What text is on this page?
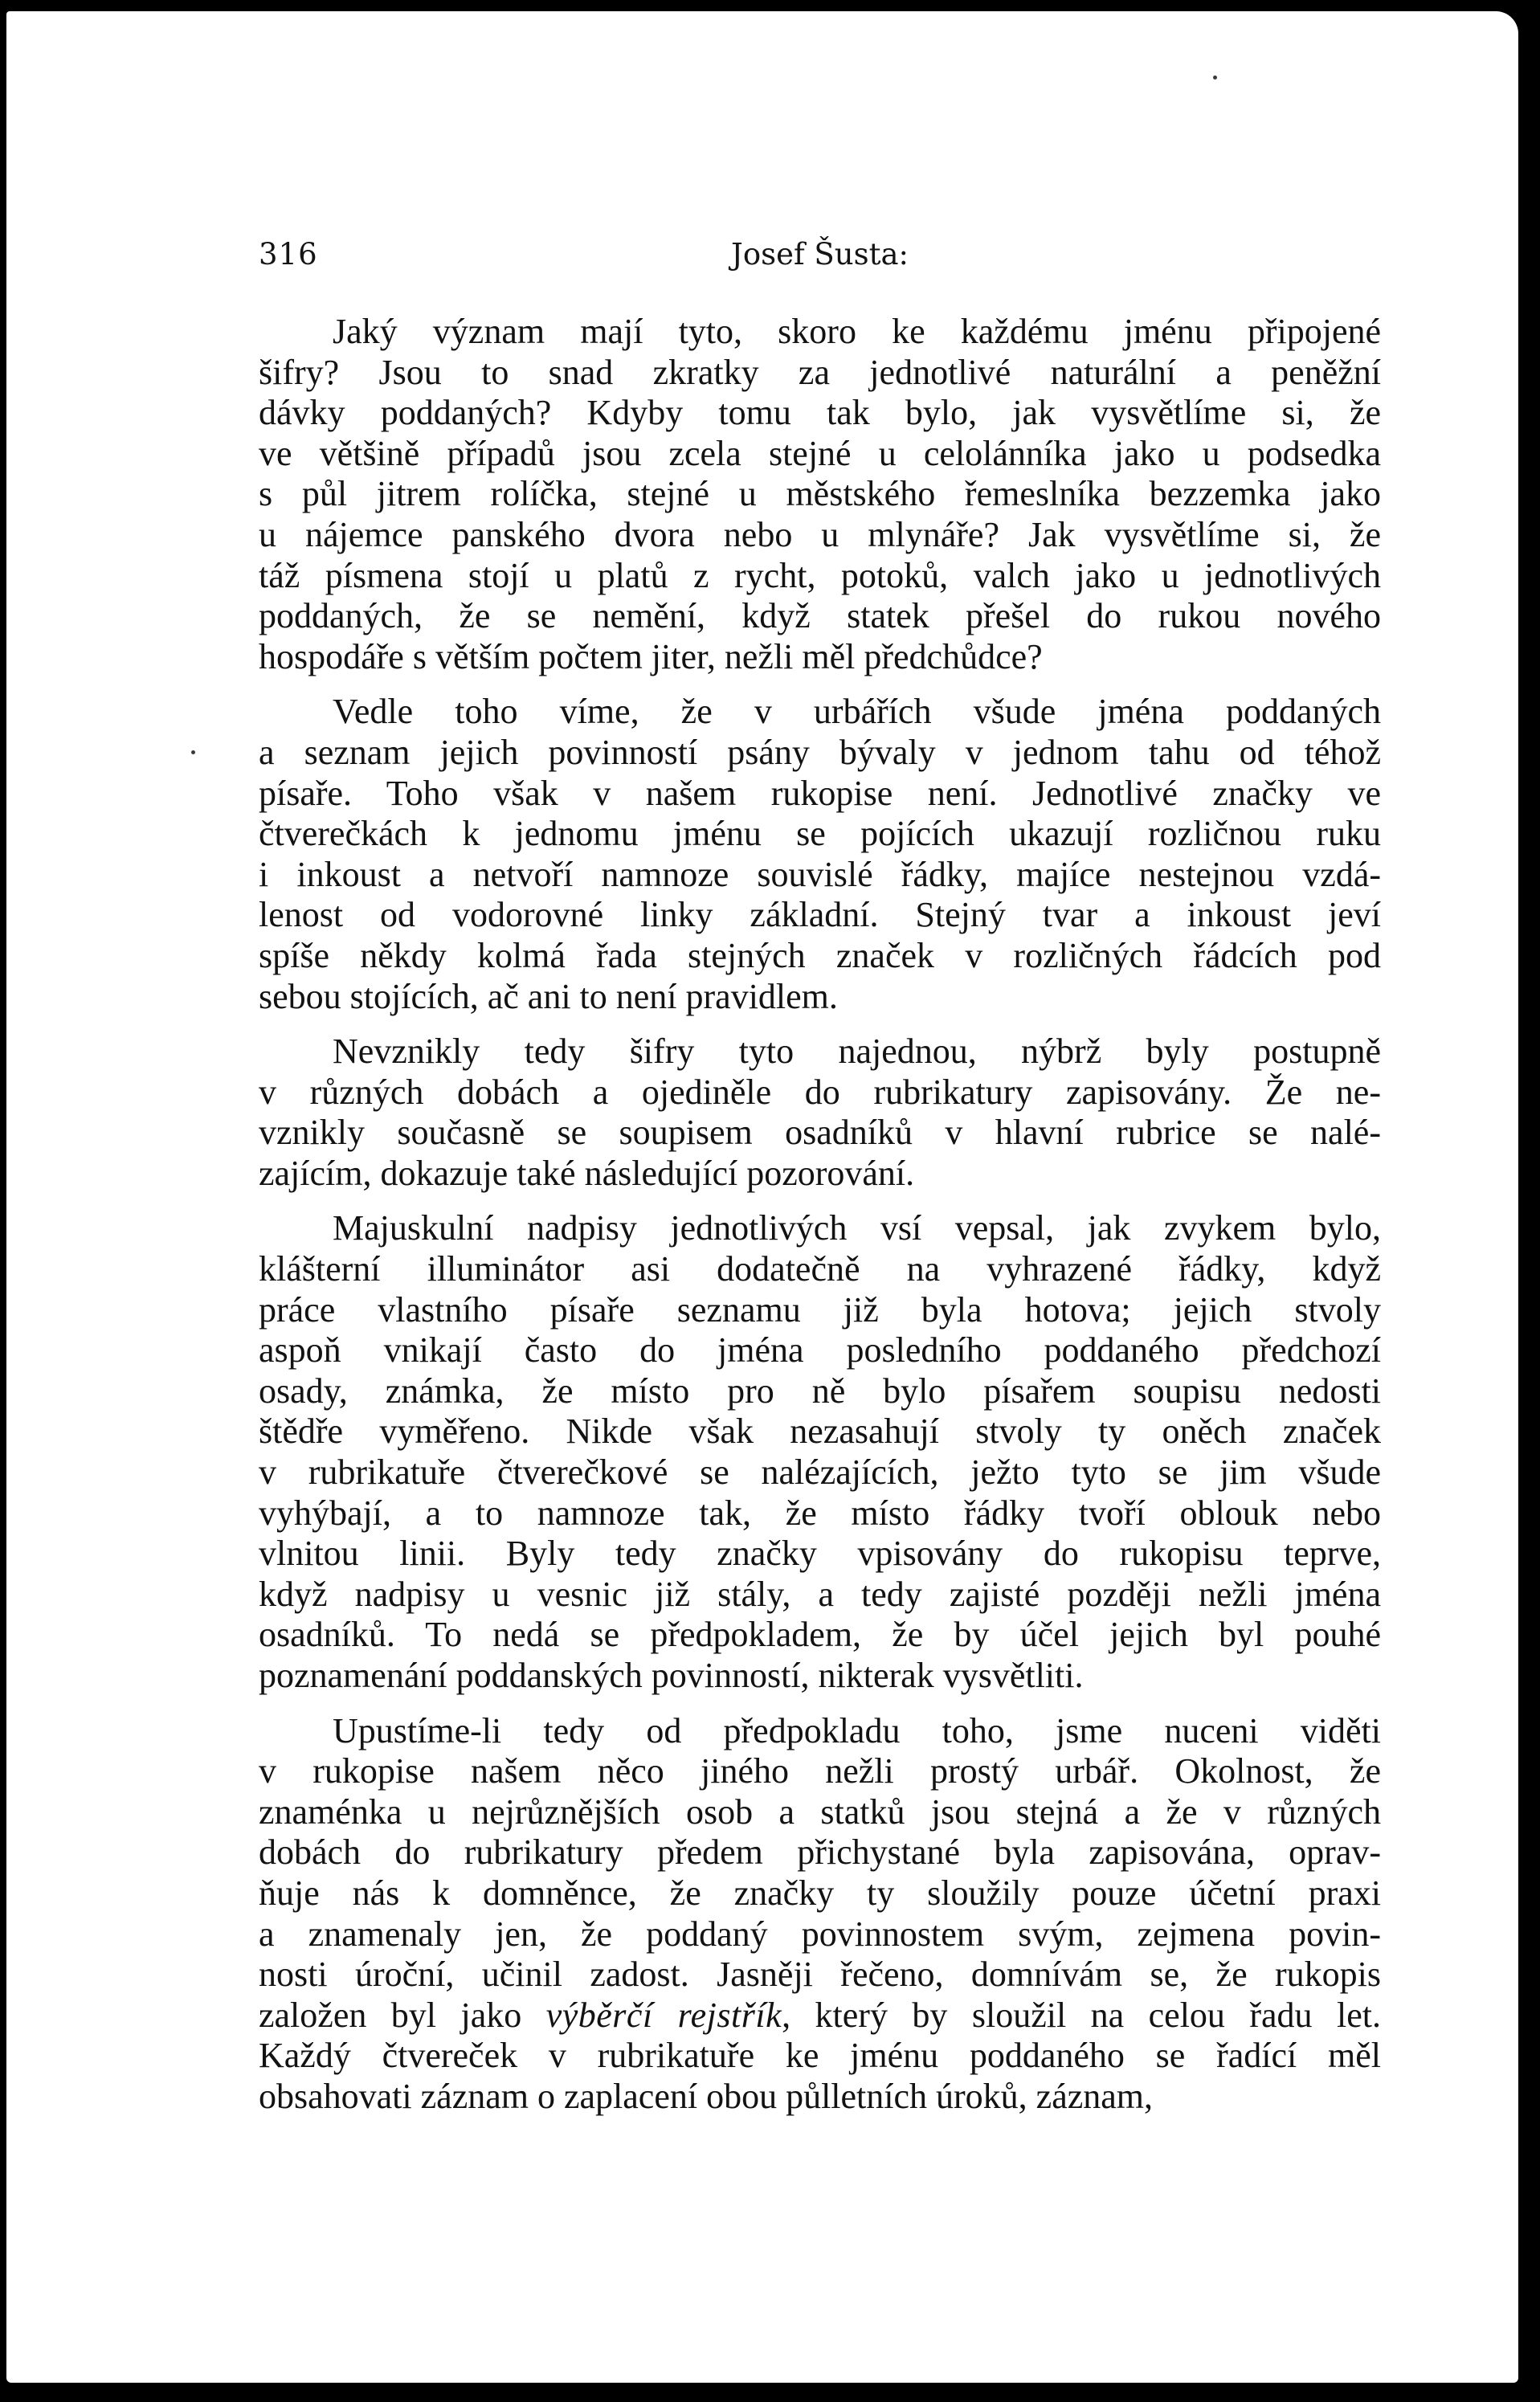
316	Josef Šusta:
Jaký význam mají tyto, skoro ke každému jménu připojené
šifry? Jsou to snad zkratky za jednotlivé naturální a peněžní
dávky poddaných? Kdyby tomu tak bylo, jak vysvětlíme si, že
ve většině případů jsou zcela stejné u celolánníka jako u podsedka
s půl jitrem rolíčka, stejné u městského řemeslníka bezzemka jako
u nájemce panského dvora nebo u mlynáře? Jak vysvětlíme si, že
táž písmena stojí u platů z rycht, potoků, valch jako u jednotlivých
poddaných, že se nemění, když statek přešel do rukou nového
hospodáře s větším počtem jiter, nežli měl předchůdce?
Vedle toho víme, že v urbářích všude jména poddaných
a seznam jejich povinností psány bývaly v jednom tahu od téhož
písaře. Toho však v našem rukopise není. Jednotlivé značky ve
čtverečkách k jednomu jménu se pojících ukazují rozličnou ruku
i inkoust a netvoří namnoze souvislé řádky, majíce nestejnou vzdá-
lenost od vodorovné linky základní. Stejný tvar a inkoust jeví
spíše někdy kolmá řada stejných značek v rozličných řádcích pod
sebou stojících, ač ani to není pravidlem.
Nevznikly tedy šifry tyto najednou, nýbrž byly postupně
v různých dobách a ojediněle do rubrikatury zapisovány. Že ne-
vznikly současně se soupisem osadníků v hlavní rubrice se nalé-
zajícím, dokazuje také následující pozorování.
Majuskulní nadpisy jednotlivých vsí vepsal, jak zvykem bylo,
klášterní illuminátor asi dodatečně na vyhrazené řádky, když
práce vlastního písaře seznamu již byla hotova; jejich stvoly
aspoň vnikají často do jména posledního poddaného předchozí
osady, známka, že místo pro ně bylo písařem soupisu nedosti
štědře vyměřeno. Nikde však nezasahují stvoly ty oněch značek
v rubrikatuře čtverečkové se nalézajících, ježto tyto se jim všude
vyhýbají, a to namnoze tak, že místo řádky tvoří oblouk nebo
vlnitou linii. Byly tedy značky vpisovány do rukopisu teprve,
když nadpisy u vesnic již stály, a tedy zajisté později nežli jména
osadníků. To nedá se předpokladem, že by účel jejich byl pouhé
poznamenání poddanských povinností, nikterak vysvětliti.
Upustíme-li tedy od předpokladu toho, jsme nuceni viděti
v rukopise našem něco jiného nežli prostý urbář. Okolnost, že
znaménka u nejrůznějších osob a statků jsou stejná a že v různých
dobách do rubrikatury předem přichystané byla zapisována, oprav-
ňuje nás k domněnce, že značky ty sloužily pouze účetní praxi
a znamenaly jen, že poddaný povinnostem svým, zejmena povin-
nosti úroční, učinil zadost. Jasněji řečeno, domnívám se, že rukopis
založen byl jako výběrčí rejstřík, který by sloužil na celou řadu let.
Každý čtvereček v rubrikatuře ke jménu poddaného se řadící měl
obsahovati záznam o zaplacení obou půlletních úroků, záznam,
